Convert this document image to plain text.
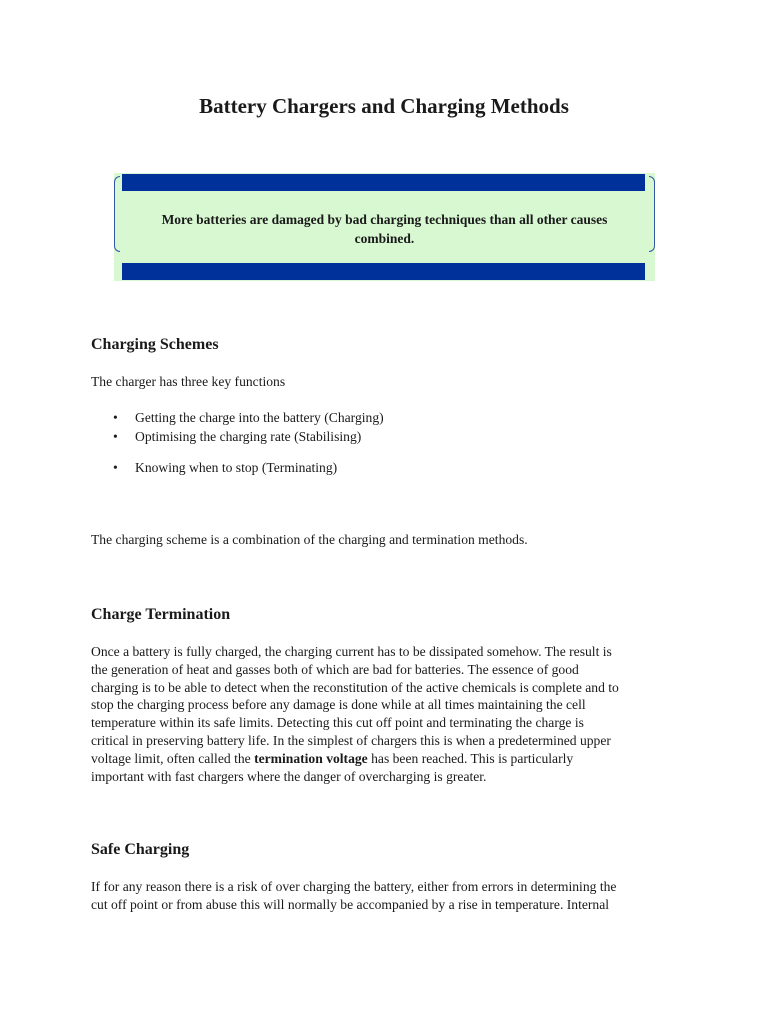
Battery Chargers and Charging Methods
More batteries are damaged by bad charging techniques than all other causes combined.
Charging Schemes

The charger has three key functions

• Getting the charge into the battery (Charging)
• Optimising the charging rate (Stabilising)
• Knowing when to stop (Terminating)

The charging scheme is a combination of the charging and termination methods.

Charge Termination

Once a battery is fully charged, the charging current has to be dissipated somehow. The result is

the generation of heat and gasses both of which are bad for batteries. The essence of good

charging is to be able to detect when the reconstitution of the active chemicals is complete and to

stop the charging process before any damage is done while at all times maintaining the cell

temperature within its safe limits. Detecting this cut off point and terminating the charge is

critical in preserving battery life. In the simplest of chargers this is when a predetermined upper

voltage limit, often called the termination voltage has been reached. This is particularly

important with fast chargers where the danger of overcharging is greater.

Safe Charging

If for any reason there is a risk of over charging the battery, either from errors in determining the

cut off point or from abuse this will normally be accompanied by a rise in temperature. Internal
